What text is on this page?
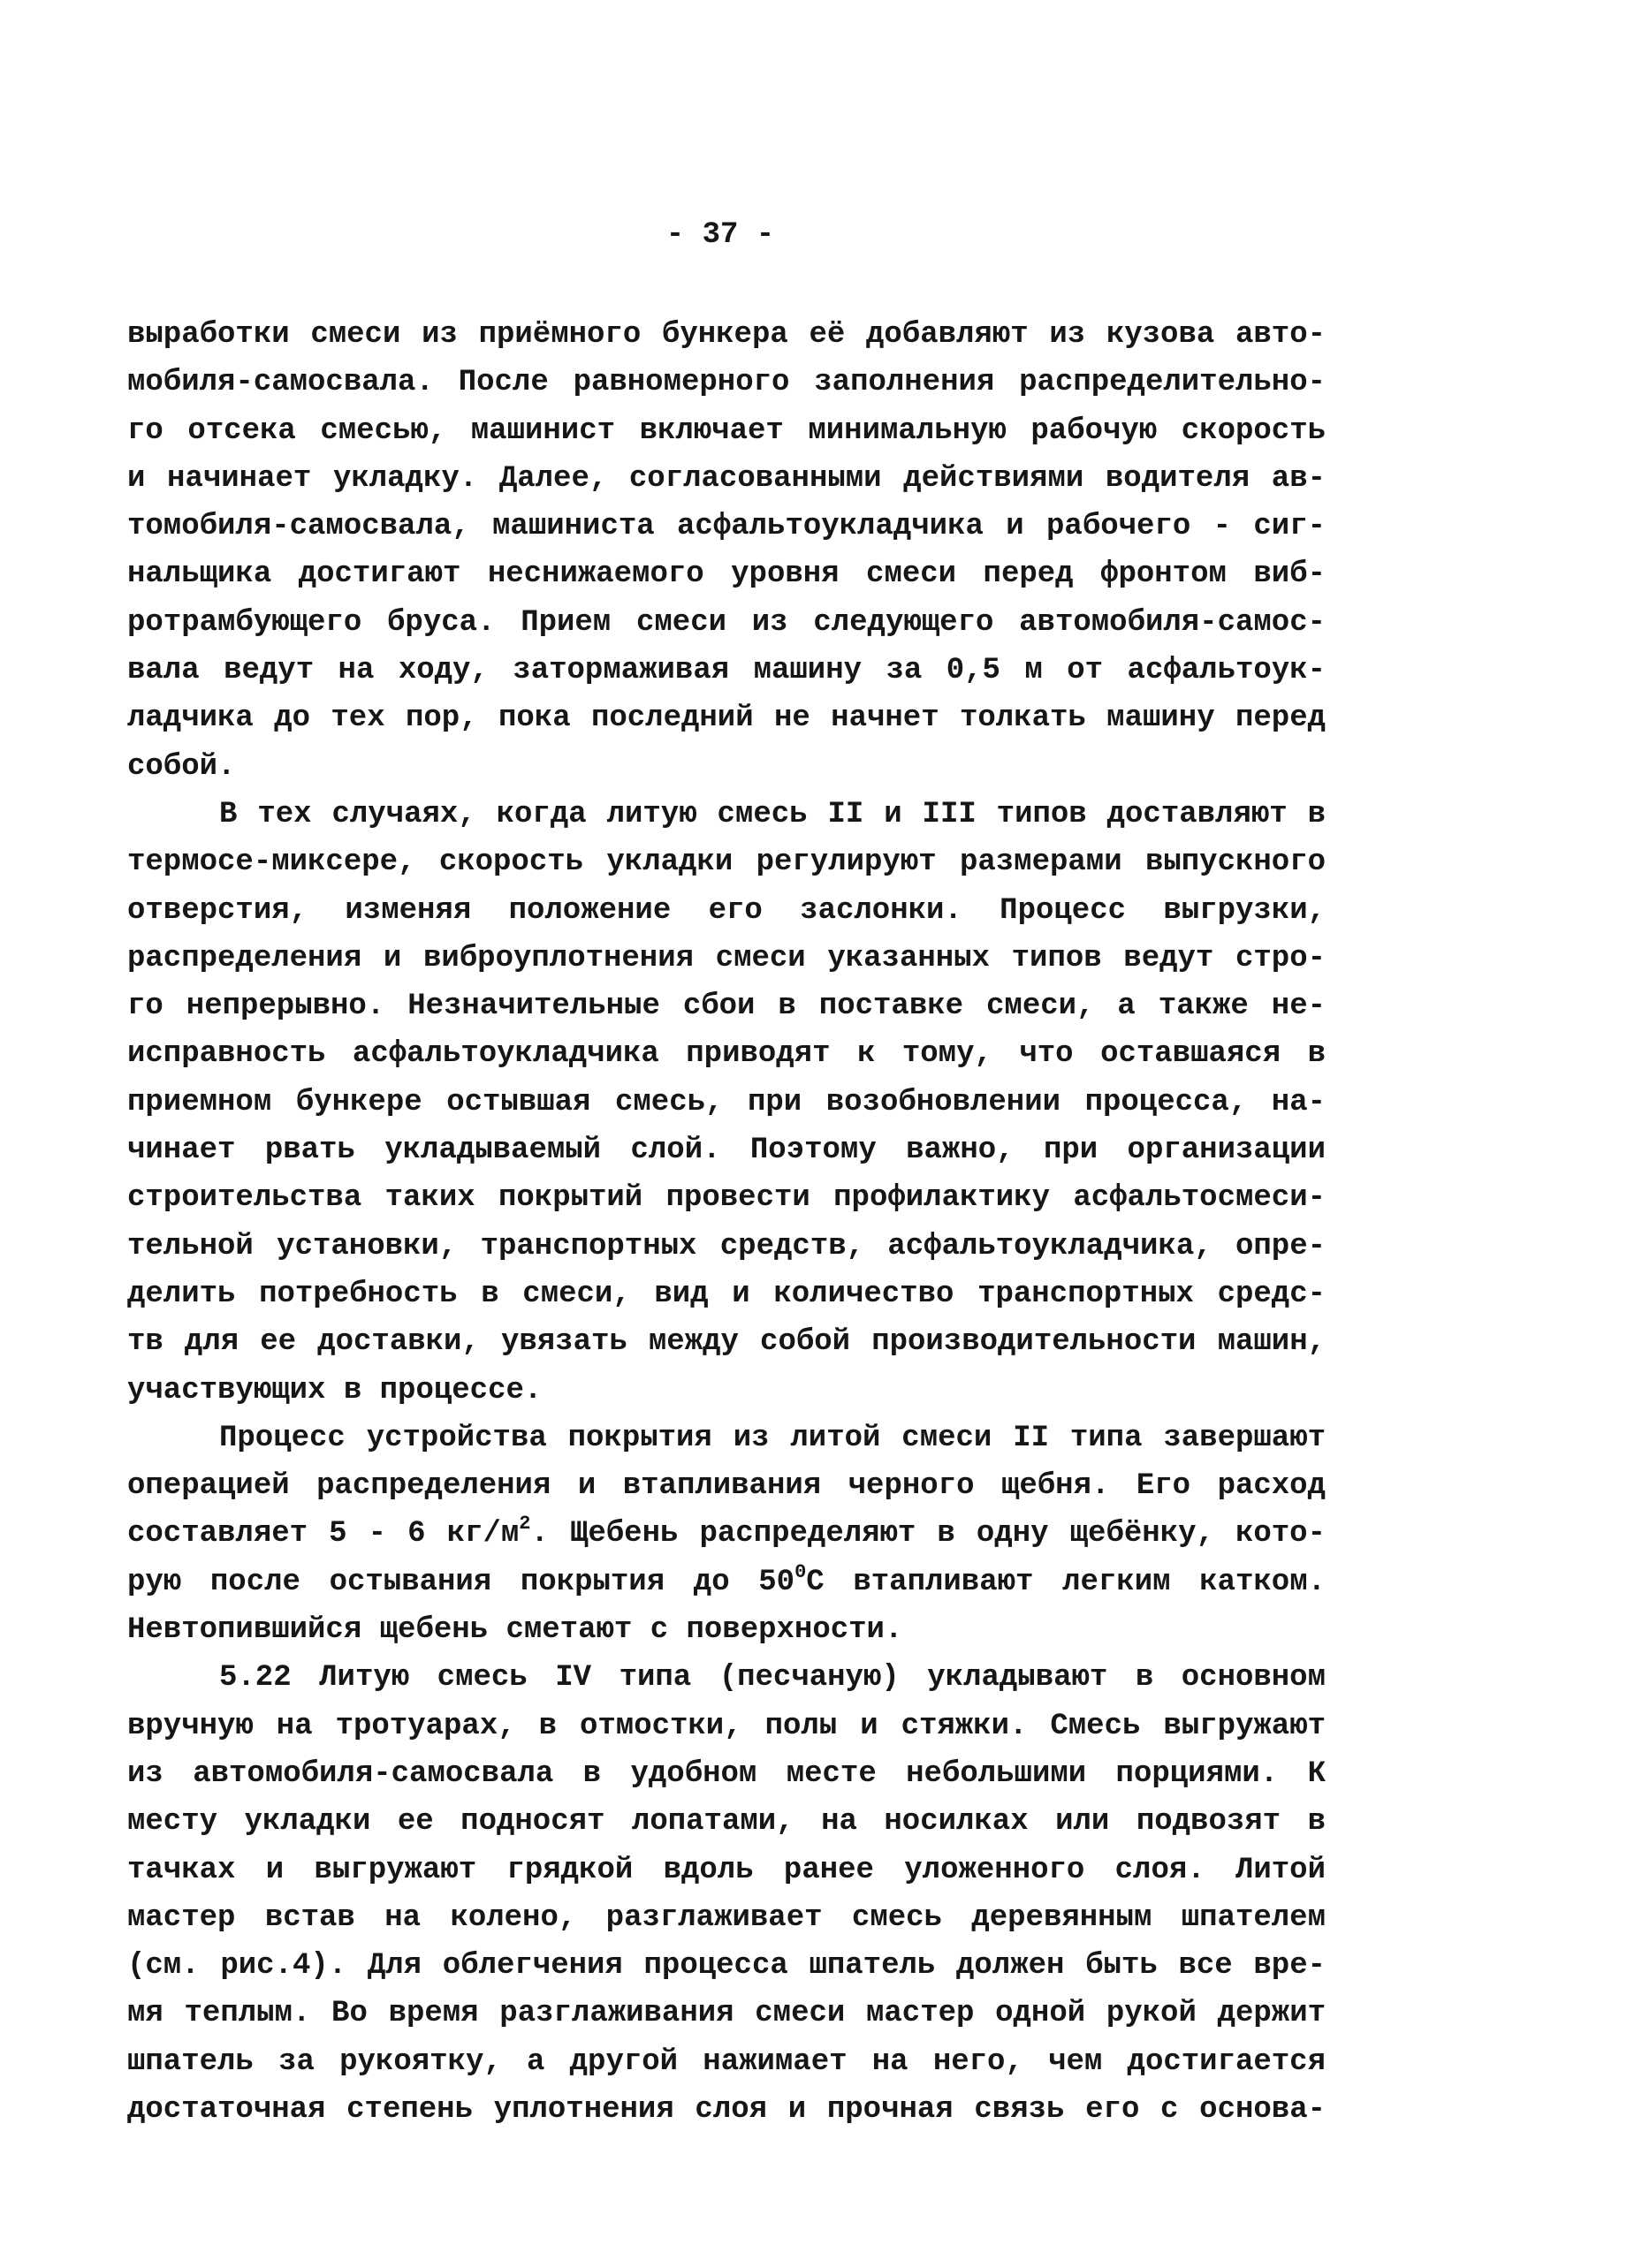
- 37 -
выработки смеси из приёмного бункера её добавляют из кузова авто-
мобиля-самосвала. После равномерного заполнения распределительно-
го отсека смесью, машинист включает минимальную рабочую скорость
и начинает укладку. Далее, согласованными действиями водителя ав-
томобиля-самосвала, машиниста асфальтоукладчика и рабочего - сиг-
нальщика достигают неснижаемого уровня смеси перед фронтом виб-
ротрамбующего бруса. Прием смеси из следующего автомобиля-самос-
вала ведут на ходу, затормаживая машину за 0,5 м от асфальтоук-
ладчика до тех пор, пока последний не начнет толкать машину перед
собой.
В тех случаях, когда литую смесь II и III типов доставляют в
термосе-миксере, скорость укладки регулируют размерами выпускного
отверстия, изменяя положение его заслонки. Процесс выгрузки,
распределения и виброуплотнения смеси указанных типов ведут стро-
го непрерывно. Незначительные сбои в поставке смеси, а также не-
исправность асфальтоукладчика приводят к тому, что оставшаяся в
приемном бункере остывшая смесь, при возобновлении процесса, на-
чинает рвать укладываемый слой. Поэтому важно, при организации
строительства таких покрытий провести профилактику асфальтосмеси-
тельной установки, транспортных средств, асфальтоукладчика, опре-
делить потребность в смеси, вид и количество транспортных средс-
тв для ее доставки, увязать между собой производительности машин,
участвующих в процессе.
Процесс устройства покрытия из литой смеси II типа завершают
операцией распределения и втапливания черного щебня. Его расход
составляет 5 - 6 $кг/м^2$. Щебень распределяют в одну щебёнку, кото-
рую после остывания покрытия до $50^0С$ втапливают легким катком.
Невтопившийся щебень сметают с поверхности.
5.22 Литую смесь IV типа (песчаную) укладывают в основном
вручную на тротуарах, в отмостки, полы и стяжки. Смесь выгружают
из автомобиля-самосвала в удобном месте небольшими порциями. К
месту укладки ее подносят лопатами, на носилках или подвозят в
тачках и выгружают грядкой вдоль ранее уложенного слоя. Литой
мастер встав на колено, разглаживает смесь деревянным шпателем
(см. рис.4). Для облегчения процесса шпатель должен быть все вре-
мя теплым. Во время разглаживания смеси мастер одной рукой держит
шпатель за рукоятку, а другой нажимает на него, чем достигается
достаточная степень уплотнения слоя и прочная связь его с основа-
